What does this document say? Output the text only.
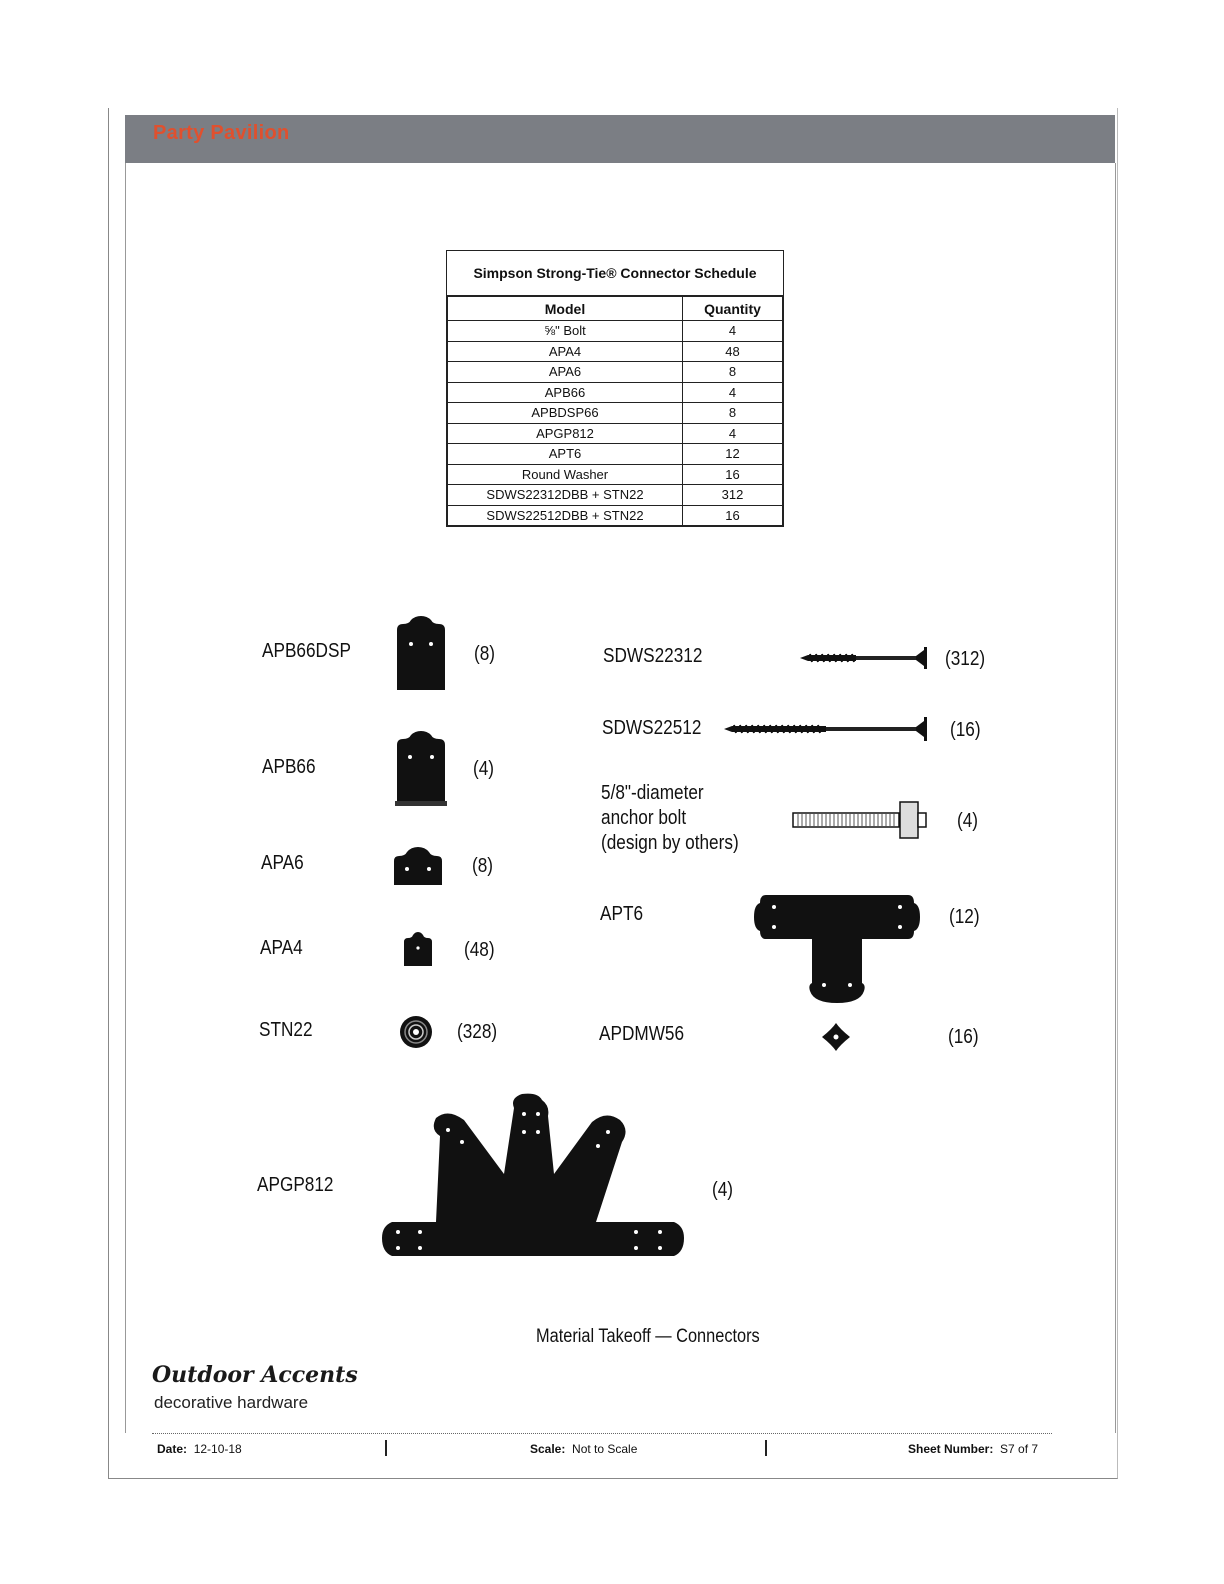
Party Pavilion
Simpson Strong-Tie® Connector Schedule
Model	Quantity
⅝" Bolt	4
APA4	48
APA6	8
APB66	4
APBDSP66	8
APGP812	4
APT6	12
Round Washer	16
SDWS22312DBB + STN22	312
SDWS22512DBB + STN22	16
APB66DSP	(8)
APB66	(4)
APA6	(8)
APA4	(48)
STN22	(328)
SDWS22312	(312)
SDWS22512	(16)
5/8"-diameter
anchor bolt
(design by others)
(4)
APT6	(12)
APDMW56	(16)
APGP812	(4)
Material Takeoff — Connectors
Outdoor Accents
decorative hardware
Date: 12-10-18	Scale: Not to Scale	Sheet Number: S7 of 7
